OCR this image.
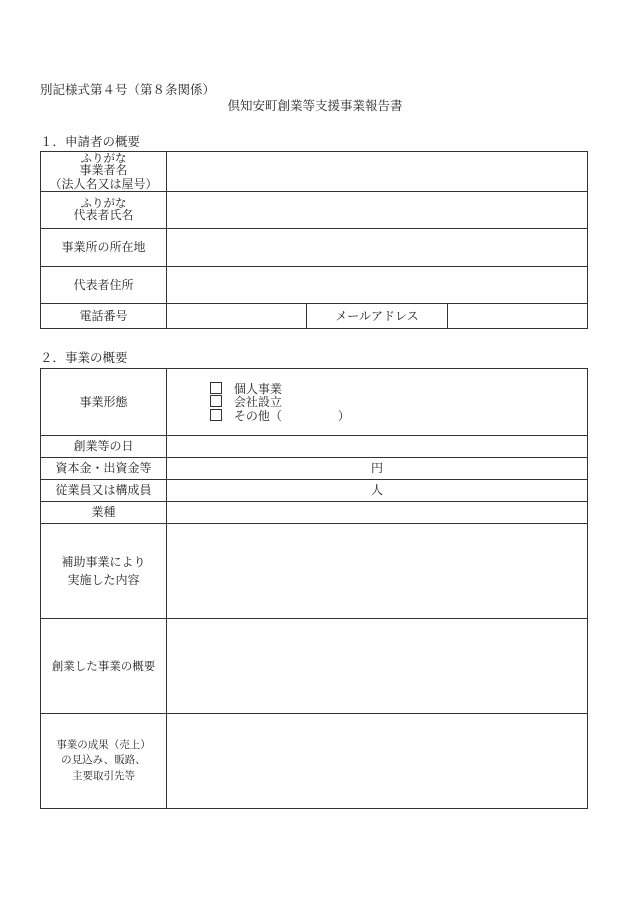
別記様式第４号（第８条関係）
倶知安町創業等支援事業報告書
１．申請者の概要
ふりがな
事業者名
（法人名又は屋号）			

ふりがな
代表者氏名			

事業所の所在地			
代表者住所			
電話番号		メールアドレス	
２．事業の概要
事業形態	個人事業
会社設立
その他（ ）

創業等の日	
資本金・出資金等	円
従業員又は構成員	人
業種	

補助事業により
実施した内容	

創業した事業の概要	

事業の成果（売上）
の見込み、販路、
主要取引先等	
